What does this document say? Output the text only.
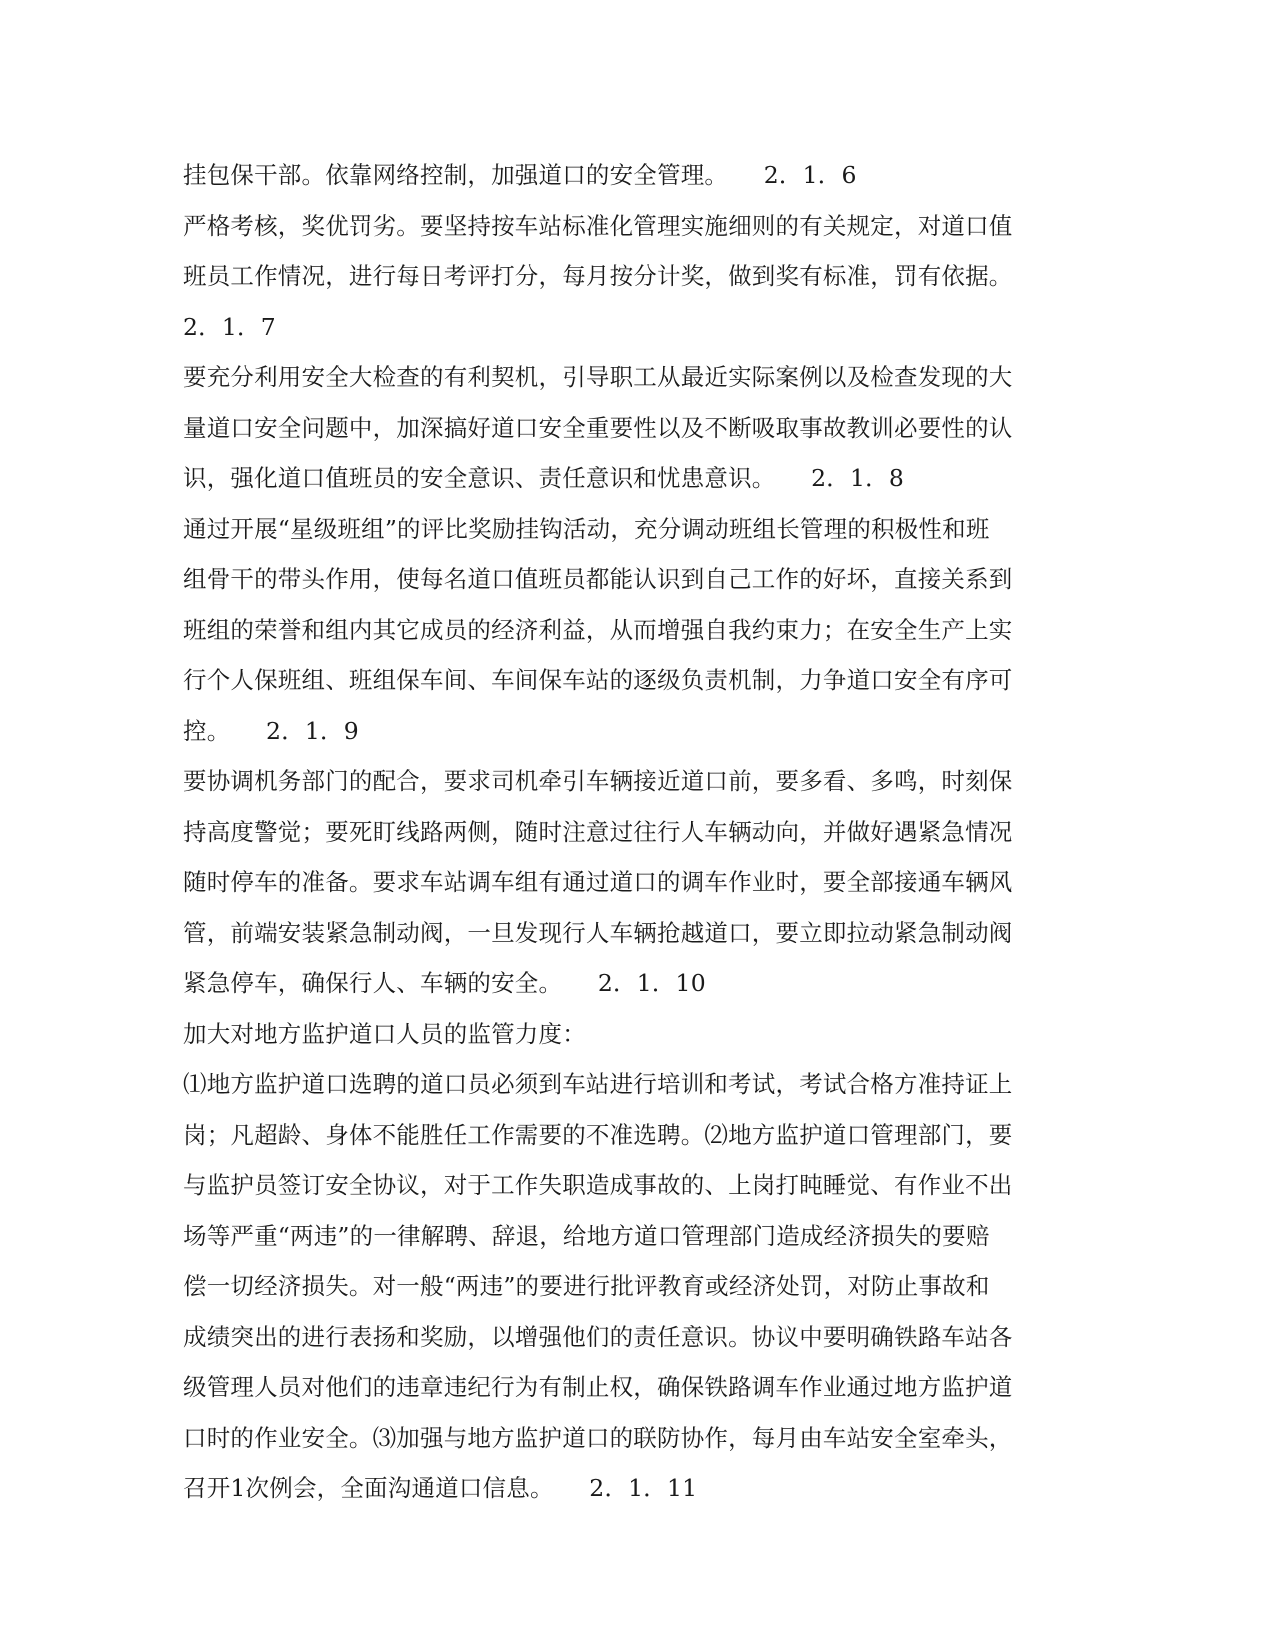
挂包保干部。依靠网络控制，加强道口的安全管理。　　2．1．6
严格考核，奖优罚劣。要坚持按车站标准化管理实施细则的有关规定，对道口值
班员工作情况，进行每日考评打分，每月按分计奖，做到奖有标准，罚有依据。
2．1．7
要充分利用安全大检查的有利契机，引导职工从最近实际案例以及检查发现的大
量道口安全问题中，加深搞好道口安全重要性以及不断吸取事故教训必要性的认
识，强化道口值班员的安全意识、责任意识和忧患意识。　　2．1．8
通过开展“星级班组”的评比奖励挂钩活动，充分调动班组长管理的积极性和班
组骨干的带头作用，使每名道口值班员都能认识到自己工作的好坏，直接关系到
班组的荣誉和组内其它成员的经济利益，从而增强自我约束力；在安全生产上实
行个人保班组、班组保车间、车间保车站的逐级负责机制，力争道口安全有序可
控。　　2．1．9
要协调机务部门的配合，要求司机牵引车辆接近道口前，要多看、多鸣，时刻保
持高度警觉；要死盯线路两侧，随时注意过往行人车辆动向，并做好遇紧急情况
随时停车的准备。要求车站调车组有通过道口的调车作业时，要全部接通车辆风
管，前端安装紧急制动阀，一旦发现行人车辆抢越道口，要立即拉动紧急制动阀
紧急停车，确保行人、车辆的安全。　　2．1．10
加大对地方监护道口人员的监管力度：
⑴地方监护道口选聘的道口员必须到车站进行培训和考试，考试合格方准持证上
岗；凡超龄、身体不能胜任工作需要的不准选聘。⑵地方监护道口管理部门，要
与监护员签订安全协议，对于工作失职造成事故的、上岗打盹睡觉、有作业不出
场等严重“两违”的一律解聘、辞退，给地方道口管理部门造成经济损失的要赔
偿一切经济损失。对一般“两违”的要进行批评教育或经济处罚，对防止事故和
成绩突出的进行表扬和奖励，以增强他们的责任意识。协议中要明确铁路车站各
级管理人员对他们的违章违纪行为有制止权，确保铁路调车作业通过地方监护道
口时的作业安全。⑶加强与地方监护道口的联防协作，每月由车站安全室牵头，
召开1次例会，全面沟通道口信息。　　2．1．11
